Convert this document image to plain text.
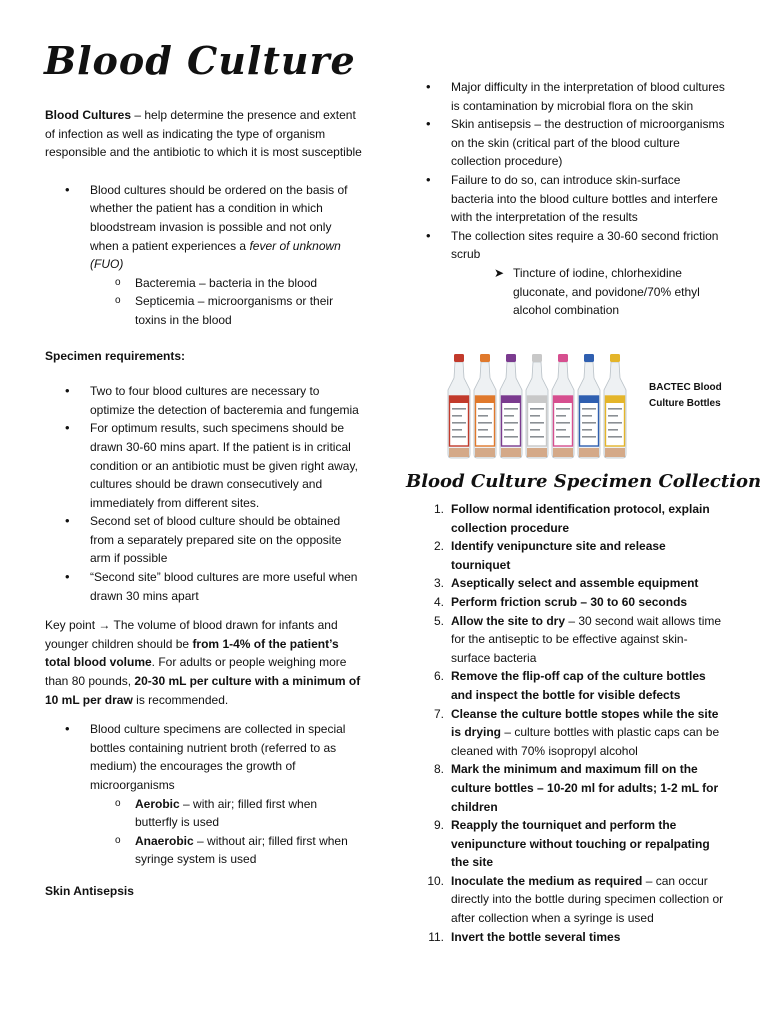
Blood Culture

Blood Cultures – help determine the presence and extent of infection as well as indicating the type of organism responsible and the antibiotic to which it is most susceptible

• Blood cultures should be ordered on the basis of whether the patient has a condition in which bloodstream invasion is possible and not only when a patient experiences a fever of unknown (FUO)
o Bacteremia – bacteria in the blood
o Septicemia – microorganisms or their toxins in the blood

Specimen requirements:

• Two to four blood cultures are necessary to optimize the detection of bacteremia and fungemia
• For optimum results, such specimens should be drawn 30-60 mins apart. If the patient is in critical condition or an antibiotic must be given right away, cultures should be drawn consecutively and immediately from different sites.
• Second set of blood culture should be obtained from a separately prepared site on the opposite arm if possible
• “Second site” blood cultures are more useful when drawn 30 mins apart

Key point → The volume of blood drawn for infants and younger children should be from 1-4% of the patient’s total blood volume. For adults or people weighing more than 80 pounds, 20-30 mL per culture with a minimum of 10 mL per draw is recommended.

• Blood culture specimens are collected in special bottles containing nutrient broth (referred to as medium) the encourages the growth of microorganisms
o Aerobic – with air; filled first when butterfly is used
o Anaerobic – without air; filled first when syringe system is used

Skin Antisepsis

• Major difficulty in the interpretation of blood cultures is contamination by microbial flora on the skin
• Skin antisepsis – the destruction of microorganisms on the skin (critical part of the blood culture collection procedure)
• Failure to do so, can introduce skin-surface bacteria into the blood culture bottles and interfere with the interpretation of the results
• The collection sites require a 30-60 second friction scrub
➤ Tincture of iodine, chlorhexidine gluconate, and povidone/70% ethyl alcohol combination
BACTEC Blood Culture Bottles
Blood Culture Specimen Collection
1. Follow normal identification protocol, explain collection procedure
2. Identify venipuncture site and release tourniquet
3. Aseptically select and assemble equipment
4. Perform friction scrub – 30 to 60 seconds
5. Allow the site to dry – 30 second wait allows time for the antiseptic to be effective against skin-surface bacteria
6. Remove the flip-off cap of the culture bottles and inspect the bottle for visible defects
7. Cleanse the culture bottle stopes while the site is drying – culture bottles with plastic caps can be cleaned with 70% isopropyl alcohol
8. Mark the minimum and maximum fill on the culture bottles – 10-20 ml for adults; 1-2 mL for children
9. Reapply the tourniquet and perform the venipuncture without touching or repalpating the site
10. Inoculate the medium as required – can occur directly into the bottle during specimen collection or after collection when a syringe is used
11. Invert the bottle several times
